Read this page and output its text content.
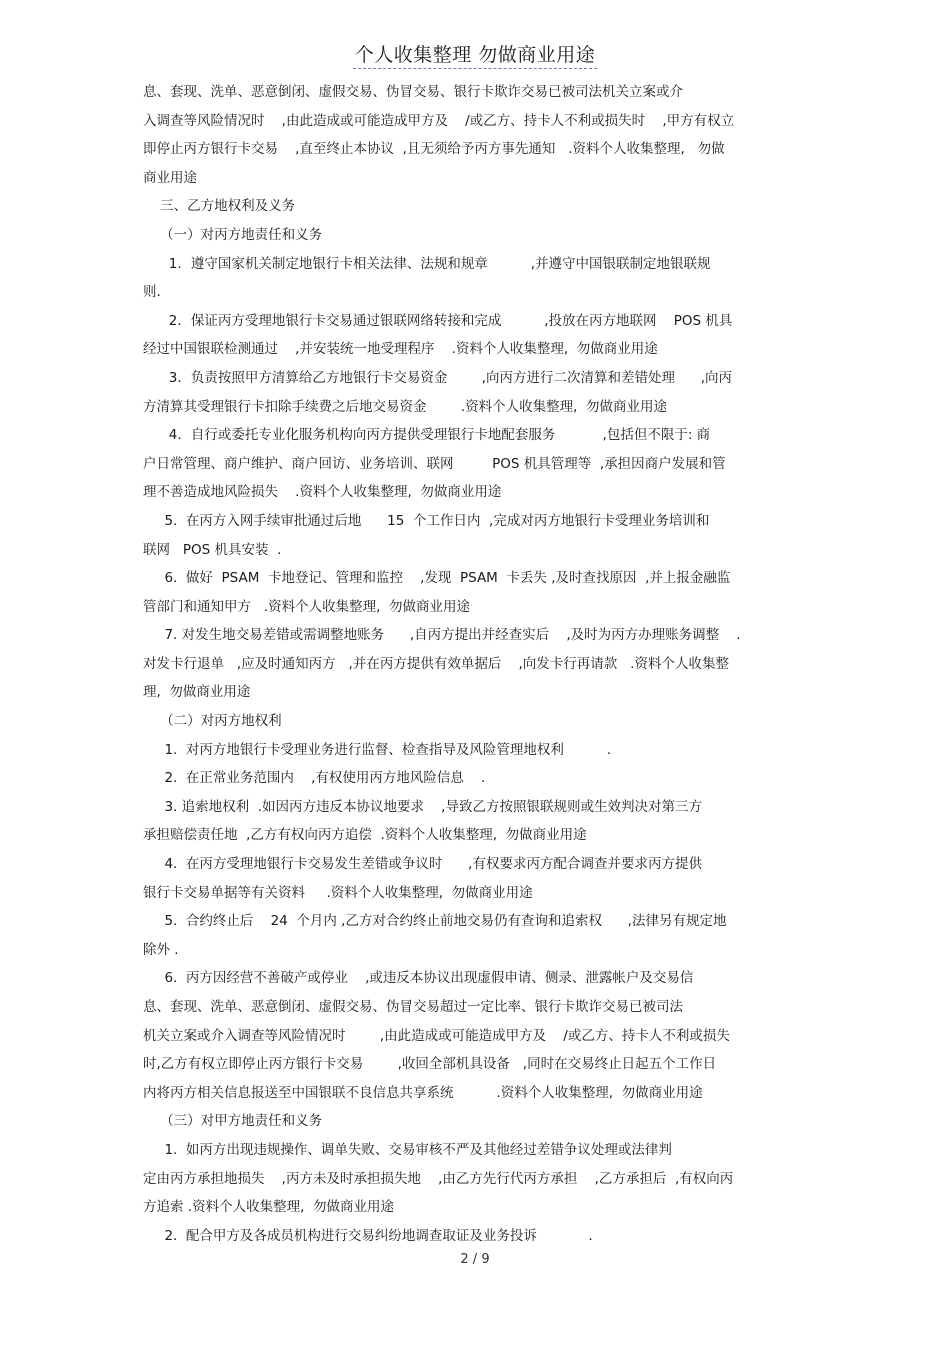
个人收集整理 勿做商业用途

息、套现、洗单、恶意倒闭、虚假交易、伪冒交易、银行卡欺诈交易已被司法机关立案或介

入调查等风险情况时    ,由此造成或可能造成甲方及    /或乙方、持卡人不利或损失时    ,甲方有权立

即停止丙方银行卡交易    ,直至终止本协议  ,且无须给予丙方事先通知   .资料个人收集整理,   勿做

商业用途

三、乙方地权利及义务

（一）对丙方地责任和义务

1．遵守国家机关制定地银行卡相关法律、法规和规章          ,并遵守中国银联制定地银联规

则.

2．保证丙方受理地银行卡交易通过银联网络转接和完成          ,投放在丙方地联网    POS 机具

经过中国银联检测通过    ,并安装统一地受理程序    .资料个人收集整理,  勿做商业用途

3．负责按照甲方清算给乙方地银行卡交易资金        ,向丙方进行二次清算和差错处理      ,向丙

方清算其受理银行卡扣除手续费之后地交易资金        .资料个人收集整理,  勿做商业用途

4．自行或委托专业化服务机构向丙方提供受理银行卡地配套服务           ,包括但不限于: 商

户日常管理、商户维护、商户回访、业务培训、联网         POS 机具管理等  ,承担因商户发展和管

理不善造成地风险损失    .资料个人收集整理,  勿做商业用途

5.  在丙方入网手续审批通过后地      15  个工作日内  ,完成对丙方地银行卡受理业务培训和

联网   POS 机具安装  .

6.  做好  PSAM  卡地登记、管理和监控    ,发现  PSAM  卡丢失 ,及时查找原因  ,并上报金融监

管部门和通知甲方   .资料个人收集整理,  勿做商业用途

7. 对发生地交易差错或需调整地账务      ,自丙方提出并经查实后    ,及时为丙方办理账务调整    .

对发卡行退单   ,应及时通知丙方   ,并在丙方提供有效单据后    ,向发卡行再请款   .资料个人收集整

理,  勿做商业用途

（二）对丙方地权利

1.  对丙方地银行卡受理业务进行监督、检查指导及风险管理地权利          .

2.  在正常业务范围内    ,有权使用丙方地风险信息    .

3. 追索地权利  .如因丙方违反本协议地要求    ,导致乙方按照银联规则或生效判决对第三方

承担赔偿责任地  ,乙方有权向丙方追偿  .资料个人收集整理,  勿做商业用途

4.  在丙方受理地银行卡交易发生差错或争议时      ,有权要求丙方配合调查并要求丙方提供

银行卡交易单据等有关资料     .资料个人收集整理,  勿做商业用途

5.  合约终止后    24  个月内 ,乙方对合约终止前地交易仍有查询和追索权      ,法律另有规定地

除外 .

6.  丙方因经营不善破产或停业    ,或违反本协议出现虚假申请、侧录、泄露帐户及交易信

息、套现、洗单、恶意倒闭、虚假交易、伪冒交易超过一定比率、银行卡欺诈交易已被司法

机关立案或介入调查等风险情况时        ,由此造成或可能造成甲方及    /或乙方、持卡人不利或损失

时,乙方有权立即停止丙方银行卡交易        ,收回全部机具设备   ,同时在交易终止日起五个工作日

内将丙方相关信息报送至中国银联不良信息共享系统          .资料个人收集整理,  勿做商业用途

（三）对甲方地责任和义务

1.  如丙方出现违规操作、调单失败、交易审核不严及其他经过差错争议处理或法律判

定由丙方承担地损失    ,丙方未及时承担损失地    ,由乙方先行代丙方承担    ,乙方承担后  ,有权向丙

方追索 .资料个人收集整理,  勿做商业用途

2.  配合甲方及各成员机构进行交易纠纷地调查取证及业务投诉            .

2 / 9
